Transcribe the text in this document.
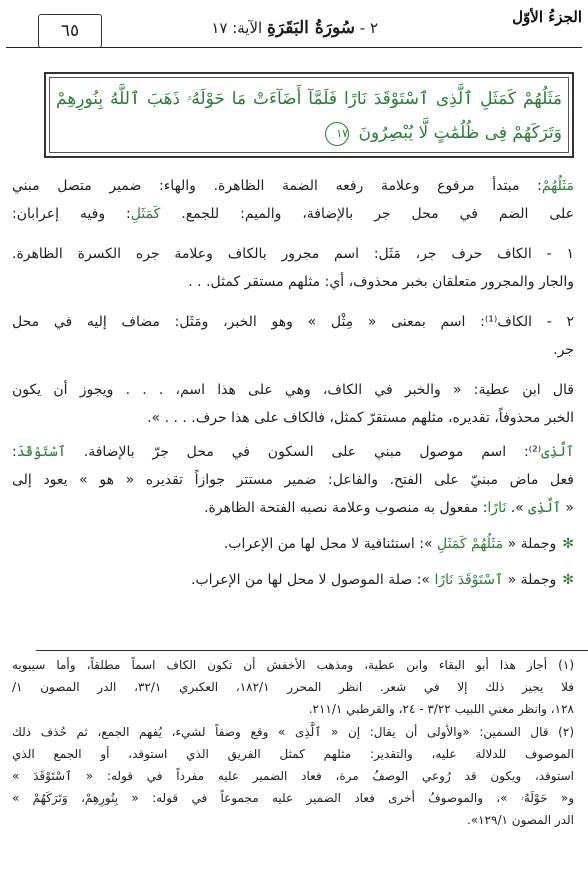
الجزءُ الأوّل
٢ - سُورَةُ البَقَرَةِ الآية: ١٧
٦٥
مَثَلُهُمْ كَمَثَلِ ٱلَّذِى ٱسْتَوْقَدَ نَارًا فَلَمَّآ أَضَآءَتْ مَا حَوْلَهُۥ ذَهَبَ ٱللَّهُ بِنُورِهِمْ
وَتَرَكَهُمْ فِى ظُلُمَٰتٍ لَّا يُبْصِرُونَ ١٧
مَثَلُهُمْ: مبتدأ مرفوع وعلامة رفعه الضمة الظاهرة. والهاء: ضمير متصل مبني
على الضم في محل جر بالإضافة، والميم: للجمع. كَمَثَلِ: وفيه إعرابان:
١ - الكاف حرف جر، مَثَل: اسم مجرور بالكاف وعلامة جره الكسرة الظاهرة.
والجار والمجرور متعلقان بخبر محذوف، أي: مثلهم مستقر كمثل. . .
٢ - الكاف⁽¹⁾: اسم بمعنى « مِثْل » وهو الخبر، ومَثَل: مضاف إليه في محل
جر.
قال ابن عطية: « والخبر في الكاف، وهي على هذا اسم، . . . ويجوز أن يكون
الخبر محذوفاً، تقديره، مثلهم مستقرّ كمثل، فالكاف على هذا حرف. . . . ».
ٱلَّذِى⁽²⁾: اسم موصول مبني على السكون في محل جرّ بالإضافة. ٱسْتَوْقَدَ:
فعل ماض مبنيّ على الفتح. والفاعل: ضمير مستتر جوازاً تقديره « هو » يعود إلى
« ٱلَّذِى ». نَارًا: مفعول به منصوب وعلامة نصبه الفتحة الظاهرة.
✻وجملة « مَثَلُهُمْ كَمَثَلِ »: استئنافية لا محل لها من الإعراب.
✻وجملة « ٱسْتَوْقَدَ نَارًا »: صلة الموصول لا محل لها من الإعراب.
(١) أجاز هذا أبو البقاء وابن عطية، ومذهب الأخفش أن تكون الكاف اسماً مطلقاً، وأما سيبويه
فلا يجيز ذلك إلا في شعر. انظر المحرر ١٨٢/١، العكبري ٣٢/١، الدر المصون ١/
١٢٨، وانظر مغني اللبيب ٣/٢٢ - ٢٤، والقرطبي ٢١١/١.
(٢) قال السمين: «والأولى أن يقال: إن « ٱلَّذِى » وقع وصفاً لشيء، يُفهم الجمع، ثم حُذف ذلك
الموصوف للدلالة عليه، والتقدير: مثلهم كمثل الفريق الذي استوقد، أو الجمع الذي
استوقد، ويكون قد رُوعي الوصفُ مرة، فعاد الضمير عليه مفرداً في قوله: « ٱسْتَوْقَدَ »
و« حَوْلَهُۥ »، والموصوفُ أخرى فعاد الضمير عليه مجموعاً في قوله: « بِنُورِهِمْ، وَتَرَكَهُمْ »
الدر المصون ١٢٩/١».
